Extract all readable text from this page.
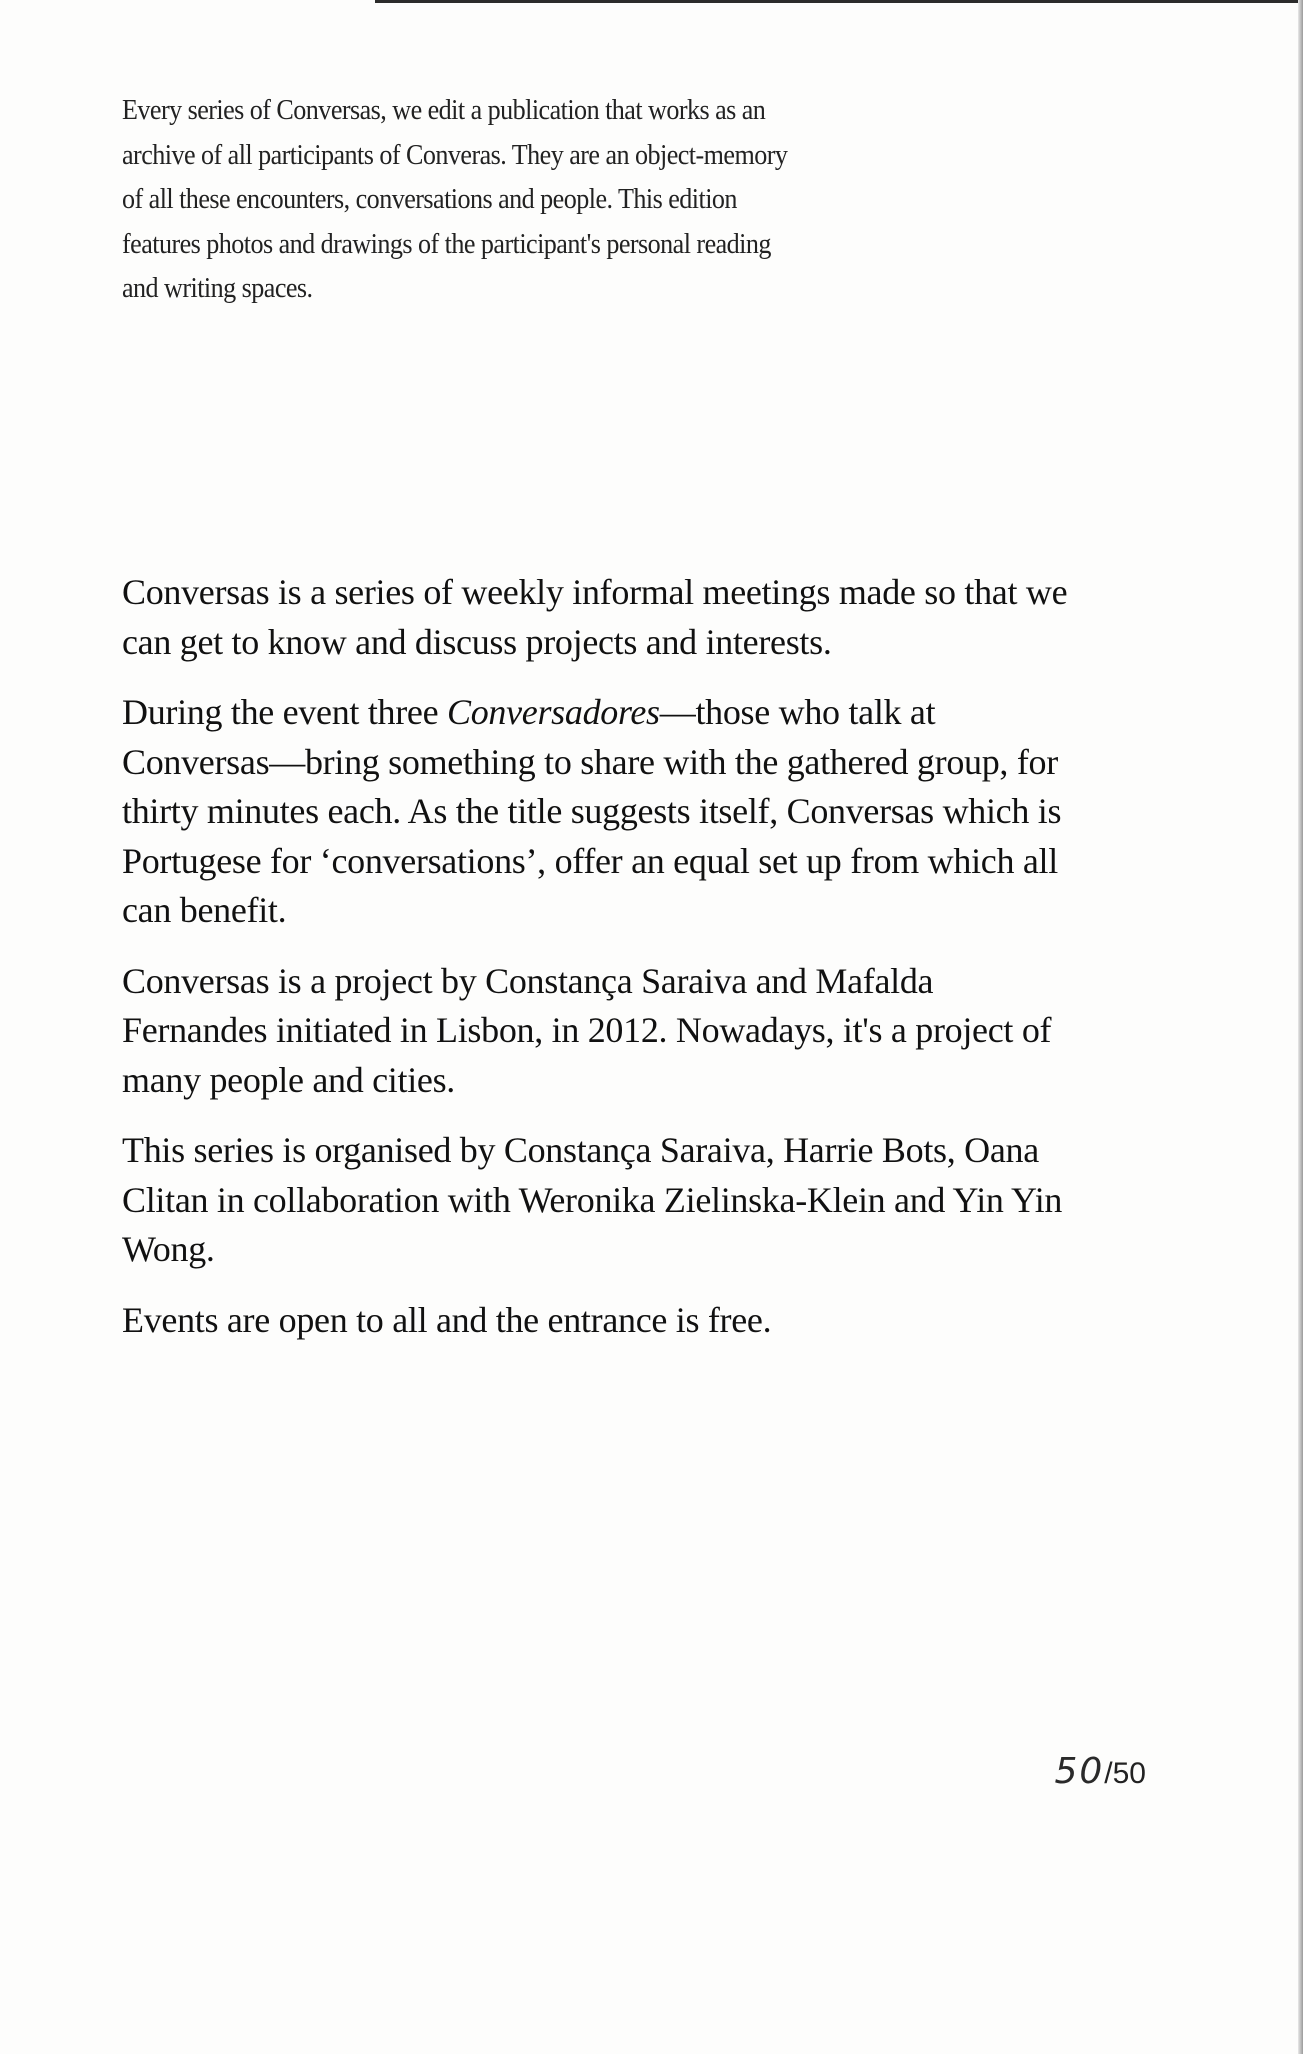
Every series of Conversas, we edit a publication that works as an archive of all participants of Converas. They are an object-memory of all these encounters, conversations and people. This edition features photos and drawings of the participant's personal reading and writing spaces.

Conversas is a series of weekly informal meetings made so that we can get to know and discuss projects and interests.

During the event three Conversadores—those who talk at Conversas—bring something to share with the gathered group, for thirty minutes each. As the title suggests itself, Conversas which is Portugese for ‘conversations’, offer an equal set up from which all can benefit.

Conversas is a project by Constança Saraiva and Mafalda Fernandes initiated in Lisbon, in 2012. Nowadays, it's a project of many people and cities.

This series is organised by Constança Saraiva, Harrie Bots, Oana Clitan in collaboration with Weronika Zielinska-Klein and Yin Yin Wong.

Events are open to all and the entrance is free.

50/50
